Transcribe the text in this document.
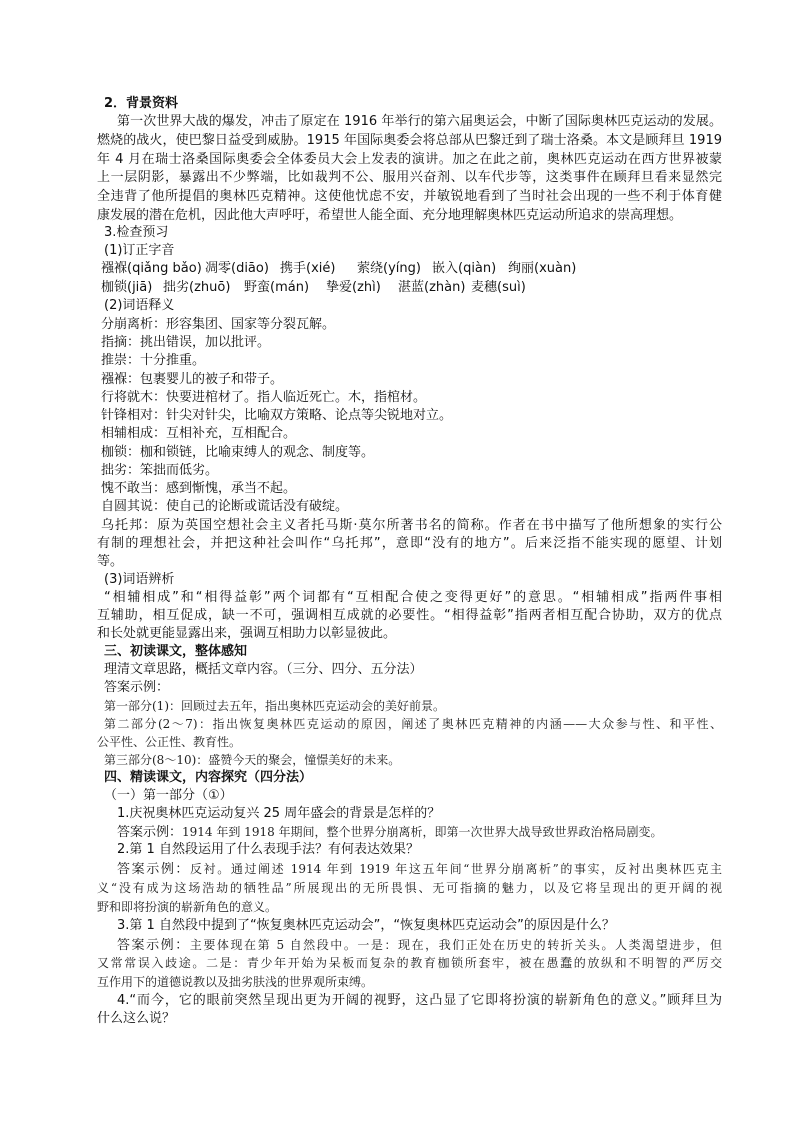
2．背景资料
第一次世界大战的爆发，冲击了原定在 1916 年举行的第六届奥运会，中断了国际奥林匹克运动的发展。
燃烧的战火，使巴黎日益受到威胁。1915 年国际奥委会将总部从巴黎迁到了瑞士洛桑。本文是顾拜旦 1919
年 4 月在瑞士洛桑国际奥委会全体委员大会上发表的演讲。加之在此之前，奥林匹克运动在西方世界被蒙
上一层阴影，暴露出不少弊端，比如裁判不公、服用兴奋剂、以车代步等，这类事件在顾拜旦看来显然完
全违背了他所提倡的奥林匹克精神。这使他忧虑不安，并敏锐地看到了当时社会出现的一些不利于体育健
康发展的潜在危机，因此他大声呼吁，希望世人能全面、充分地理解奥林匹克运动所追求的崇高理想。
3.检查预习
(1)订正字音
襁褓(qiǎng bǎo) 凋零(diāo) 携手(xié) 萦绕(yíng) 嵌入(qiàn) 绚丽(xuàn)
枷锁(jiā) 拙劣(zhuō) 野蛮(mán) 挚爱(zhì) 湛蓝(zhàn) 麦穗(suì)
(2)词语释义
分崩离析：形容集团、国家等分裂瓦解。
指摘：挑出错误，加以批评。
推崇：十分推重。
襁褓：包裹婴儿的被子和带子。
行将就木：快要进棺材了。指人临近死亡。木，指棺材。
针锋相对：针尖对针尖，比喻双方策略、论点等尖锐地对立。
相辅相成：互相补充，互相配合。
枷锁：枷和锁链，比喻束缚人的观念、制度等。
拙劣：笨拙而低劣。
愧不敢当：感到惭愧，承当不起。
自圆其说：使自己的论断或谎话没有破绽。
乌托邦：原为英国空想社会主义者托马斯·莫尔所著书名的简称。作者在书中描写了他所想象的实行公
有制的理想社会，并把这种社会叫作“乌托邦”，意即“没有的地方”。后来泛指不能实现的愿望、计划
等。
(3)词语辨析
“相辅相成”和“相得益彰”两个词都有“互相配合使之变得更好”的意思。“相辅相成”指两件事相
互辅助，相互促成，缺一不可，强调相互成就的必要性。“相得益彰”指两者相互配合协助，双方的优点
和长处就更能显露出来，强调互相助力以彰显彼此。
三、初读课文，整体感知
理清文章思路，概括文章内容。（三分、四分、五分法）
答案示例：
第一部分(1)：回顾过去五年，指出奥林匹克运动会的美好前景。
第二部分(2～7)：指出恢复奥林匹克运动的原因，阐述了奥林匹克精神的内涵——大众参与性、和平性、
公平性、公正性、教育性。
第三部分(8～10)：盛赞今天的聚会，憧憬美好的未来。
四、精读课文，内容探究（四分法）
（一）第一部分（①）
1.庆祝奥林匹克运动复兴 25 周年盛会的背景是怎样的？
答案示例：1914 年到 1918 年期间，整个世界分崩离析，即第一次世界大战导致世界政治格局剧变。
2.第 1 自然段运用了什么表现手法？有何表达效果？
答案示例：反衬。通过阐述 1914 年到 1919 年这五年间“世界分崩离析”的事实，反衬出奥林匹克主
义“没有成为这场浩劫的牺牲品”所展现出的无所畏惧、无可指摘的魅力，以及它将呈现出的更开阔的视
野和即将扮演的崭新角色的意义。
3.第 1 自然段中提到了“恢复奥林匹克运动会”，“恢复奥林匹克运动会”的原因是什么？
答案示例：主要体现在第 5 自然段中。一是：现在，我们正处在历史的转折关头。人类渴望进步，但
又常常误入歧途。二是：青少年开始为呆板而复杂的教育枷锁所套牢，被在愚蠢的放纵和不明智的严厉交
互作用下的道德说教以及拙劣肤浅的世界观所束缚。
4.“而今，它的眼前突然呈现出更为开阔的视野，这凸显了它即将扮演的崭新角色的意义。”顾拜旦为
什么这么说？
